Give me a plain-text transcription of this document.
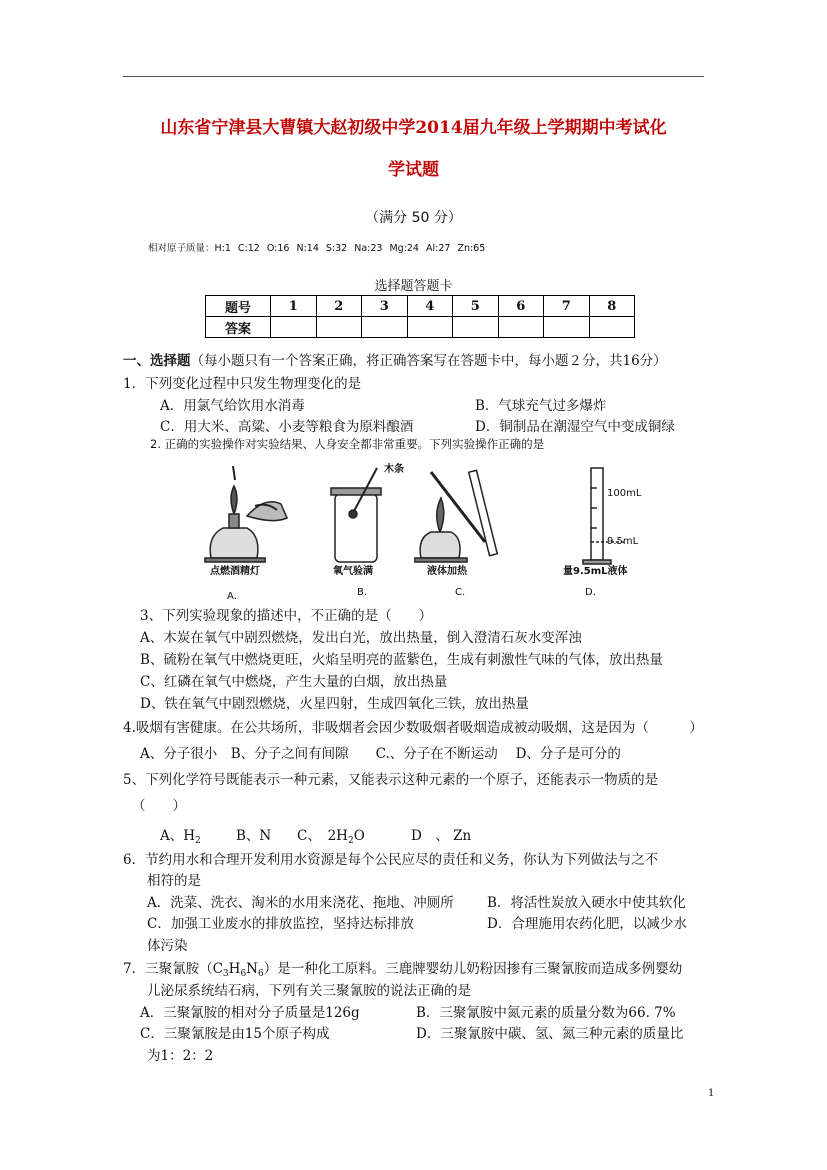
山东省宁津县大曹镇大赵初级中学2014届九年级上学期期中考试化
学试题
（满分 50 分）
相对原子质量：H:1 C:12 O:16 N:14 S:32 Na:23 Mg:24 Al:27 Zn:65
选择题答题卡
题号	1	2	3	4	5	6	7	8
答案								
一、选择题（每小题只有一个答案正确，将正确答案写在答题卡中，每小题２分，共16分）
1．下列变化过程中只发生物理变化的是
A．用氯气给饮用水消毒	B．气球充气过多爆炸
C．用大米、高粱、小麦等粮食为原料酿酒	D．铜制品在潮湿空气中变成铜绿
2. 正确的实验操作对实验结果、人身安全都非常重要。下列实验操作正确的是
木条
100mL
9.5mL
点燃酒精灯	氧气验满	液体加热	量9.5mL液体
A．	B.	C.	D.
3、下列实验现象的描述中，不正确的是（　　）
A、木炭在氧气中剧烈燃烧，发出白光，放出热量，倒入澄清石灰水变浑浊
B、硫粉在氧气中燃烧更旺，火焰呈明亮的蓝紫色，生成有刺激性气味的气体，放出热量
C、红磷在氧气中燃烧，产生大量的白烟，放出热量
D、铁在氧气中剧烈燃烧，火星四射，生成四氧化三铁，放出热量
4.吸烟有害健康。在公共场所，非吸烟者会因少数吸烟者吸烟造成被动吸烟，这是因为（　　　）
A、分子很小　B、分子之间有间隙　　C.、分子在不断运动　 D、分子是可分的
5、下列化学符号既能表示一种元素，又能表示这种元素的一个原子，还能表示一物质的是
（　　）
A、$H_2$	B、N C、　$2H_2O$	D　、 Zn
6．节约用水和合理开发利用水资源是每个公民应尽的责任和义务，你认为下列做法与之不
相符的是
A．洗菜、洗衣、淘米的水用来浇花、拖地、冲厕所 B．将活性炭放入硬水中使其软化
C．加强工业废水的排放监控，坚持达标排放	D．合理施用农药化肥，以减少水
体污染
7．三聚氰胺$(C_3H_6N_6)$是一种化工原料。三鹿牌婴幼儿奶粉因掺有三聚氰胺而造成多例婴幼
儿泌尿系统结石病，下列有关三聚氰胺的说法正确的是
A．三聚氰胺的相对分子质量是126g	B．三聚氰胺中氮元素的质量分数为66. 7%
C．三聚氰胺是由15个原子构成	D．三聚氰胺中碳、氢、氮三种元素的质量比
为1：2：2
1
